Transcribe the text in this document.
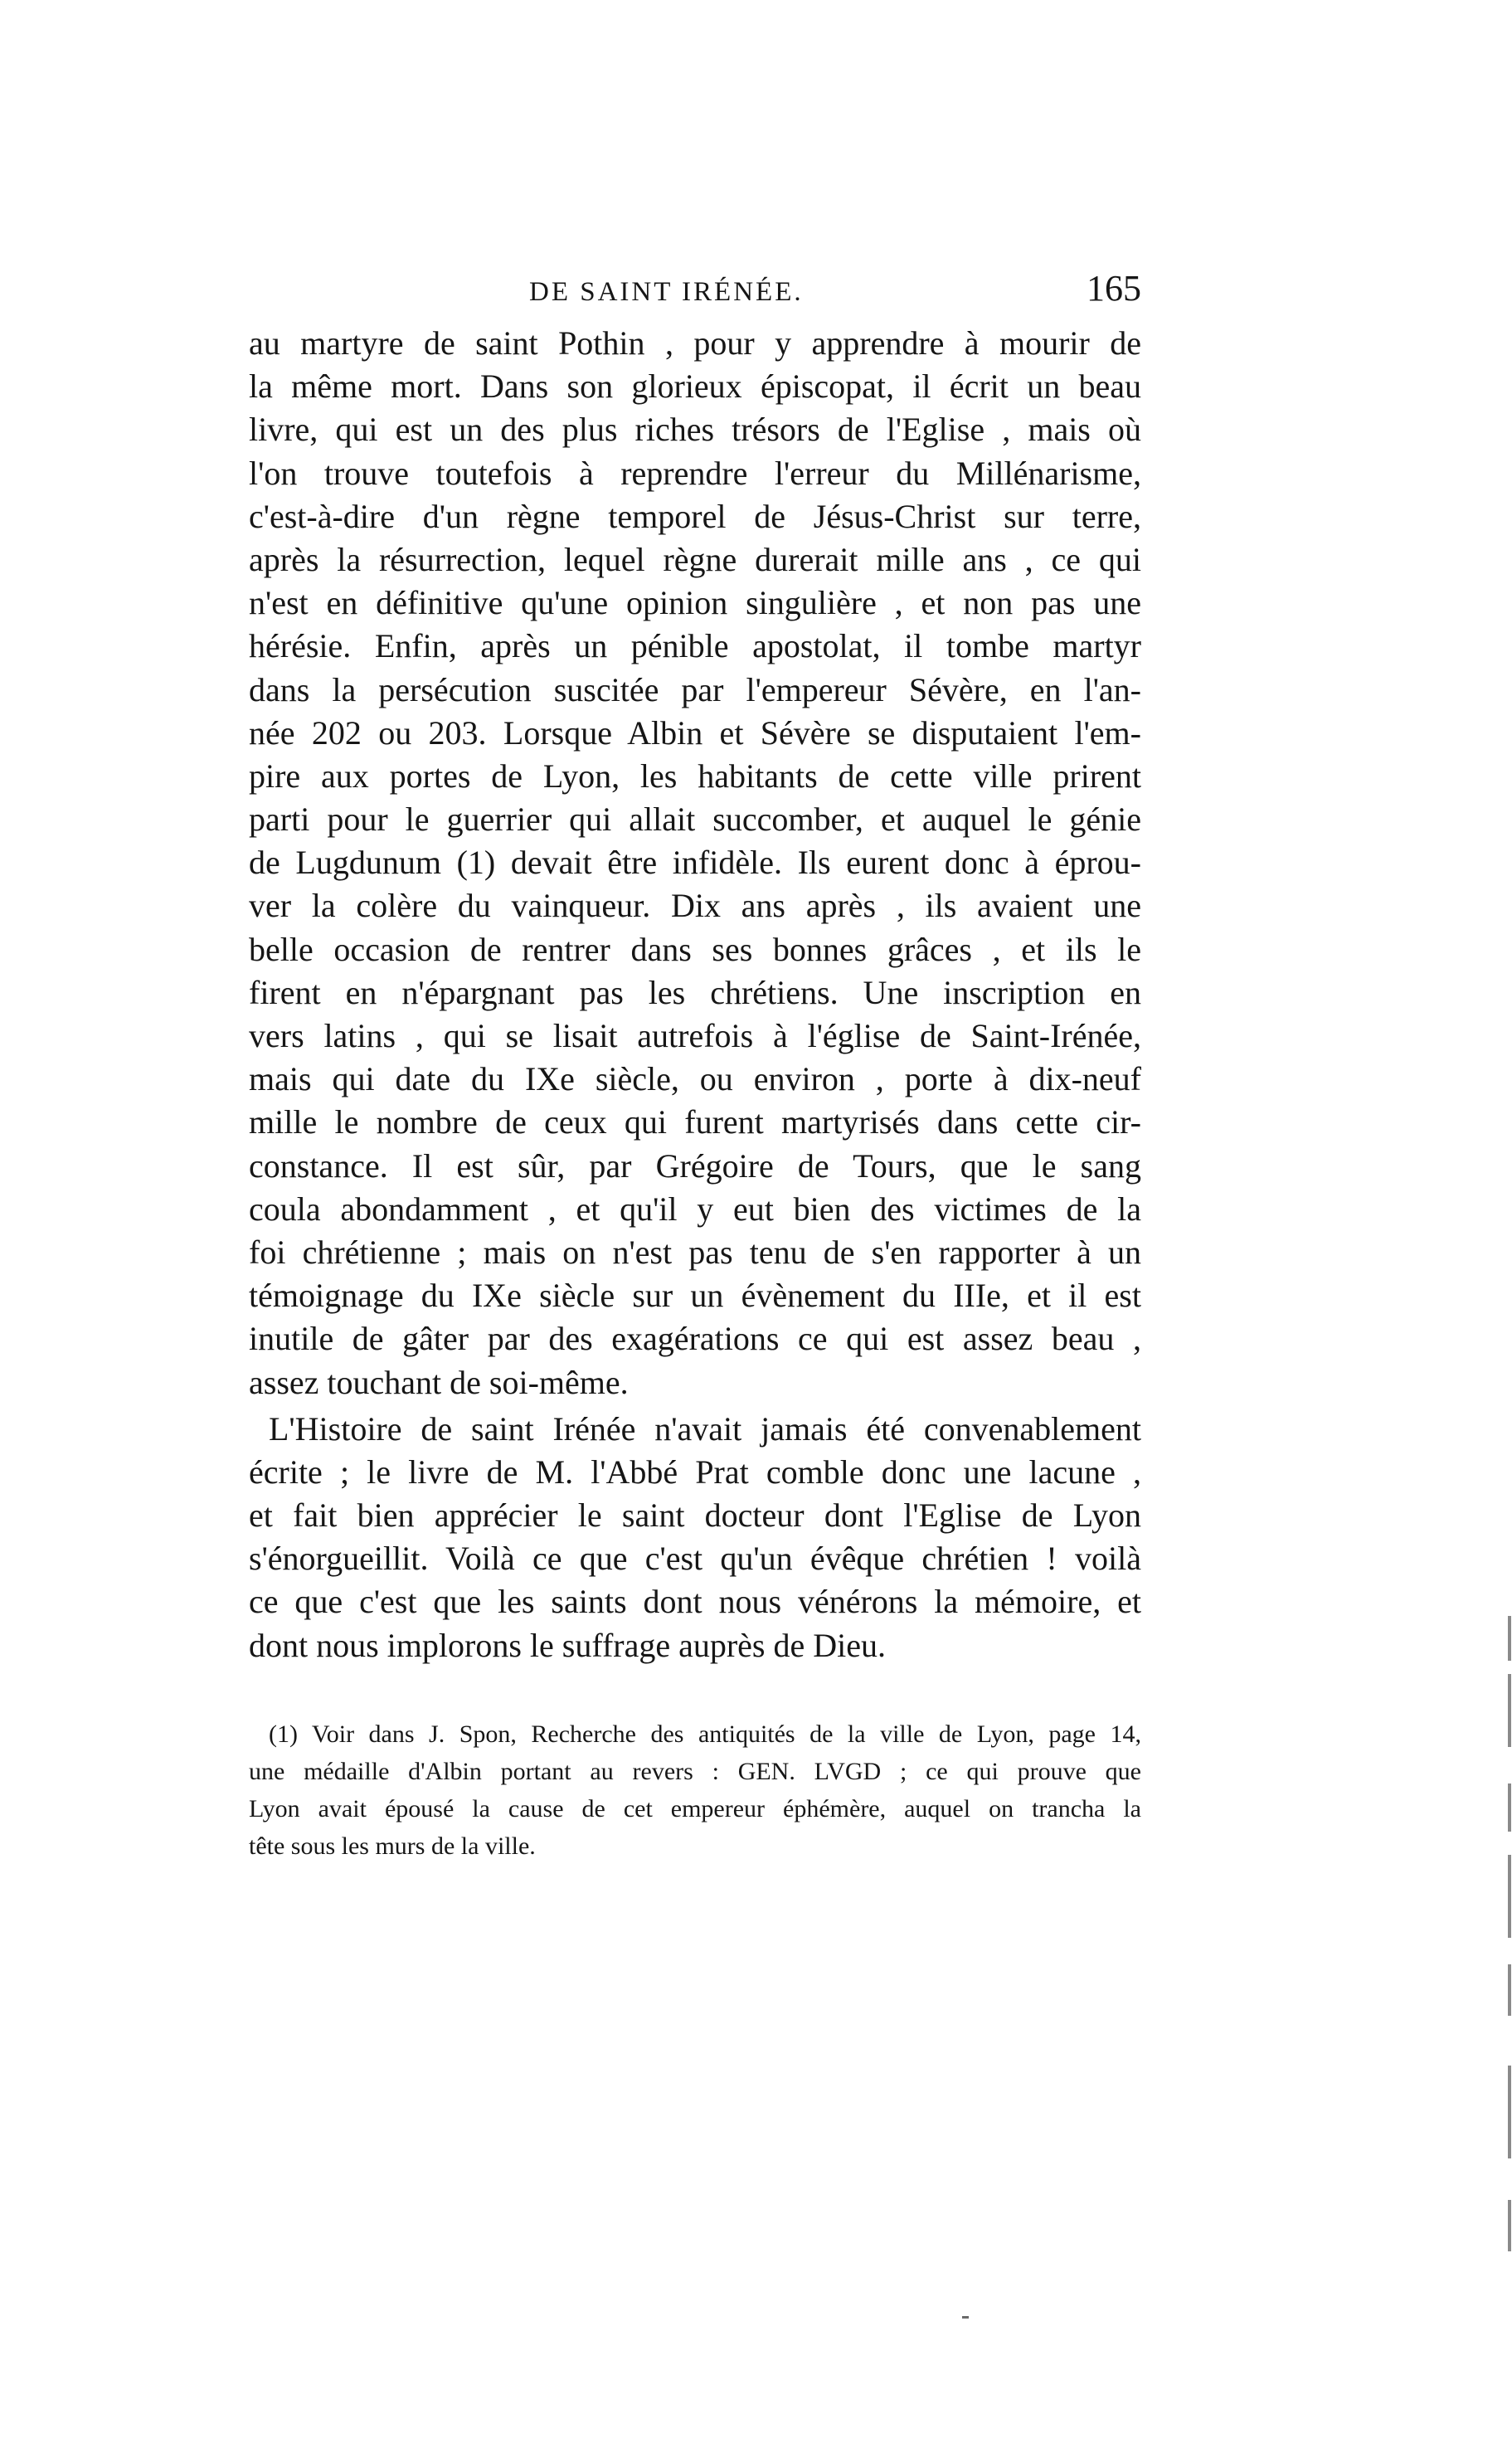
DE SAINT IRÉNÉE.	165
au martyre de saint Pothin , pour y apprendre à mourir de
la même mort. Dans son glorieux épiscopat, il écrit un beau
livre, qui est un des plus riches trésors de l'Eglise , mais où
l'on trouve toutefois à reprendre l'erreur du Millénarisme,
c'est-à-dire d'un règne temporel de Jésus-Christ sur terre,
après la résurrection, lequel règne durerait mille ans , ce qui
n'est en définitive qu'une opinion singulière , et non pas une
hérésie. Enfin, après un pénible apostolat, il tombe martyr
dans la persécution suscitée par l'empereur Sévère, en l'an-
née 202 ou 203. Lorsque Albin et Sévère se disputaient l'em-
pire aux portes de Lyon, les habitants de cette ville prirent
parti pour le guerrier qui allait succomber, et auquel le génie
de Lugdunum (1) devait être infidèle. Ils eurent donc à éprou-
ver la colère du vainqueur. Dix ans après , ils avaient une
belle occasion de rentrer dans ses bonnes grâces , et ils le
firent en n'épargnant pas les chrétiens. Une inscription en
vers latins , qui se lisait autrefois à l'église de Saint-Irénée,
mais qui date du IXe siècle, ou environ , porte à dix-neuf
mille le nombre de ceux qui furent martyrisés dans cette cir-
constance. Il est sûr, par Grégoire de Tours, que le sang
coula abondamment , et qu'il y eut bien des victimes de la
foi chrétienne ; mais on n'est pas tenu de s'en rapporter à un
témoignage du IXe siècle sur un évènement du IIIe, et il est
inutile de gâter par des exagérations ce qui est assez beau ,
assez touchant de soi-même.
L'Histoire de saint Irénée n'avait jamais été convenablement
écrite ; le livre de M. l'Abbé Prat comble donc une lacune ,
et fait bien apprécier le saint docteur dont l'Eglise de Lyon
s'énorgueillit. Voilà ce que c'est qu'un évêque chrétien ! voilà
ce que c'est que les saints dont nous vénérons la mémoire, et
dont nous implorons le suffrage auprès de Dieu.
(1) Voir dans J. Spon, Recherche des antiquités de la ville de Lyon, page 14,
une médaille d'Albin portant au revers : GEN. LVGD ; ce qui prouve que
Lyon avait épousé la cause de cet empereur éphémère, auquel on trancha la
tête sous les murs de la ville.
